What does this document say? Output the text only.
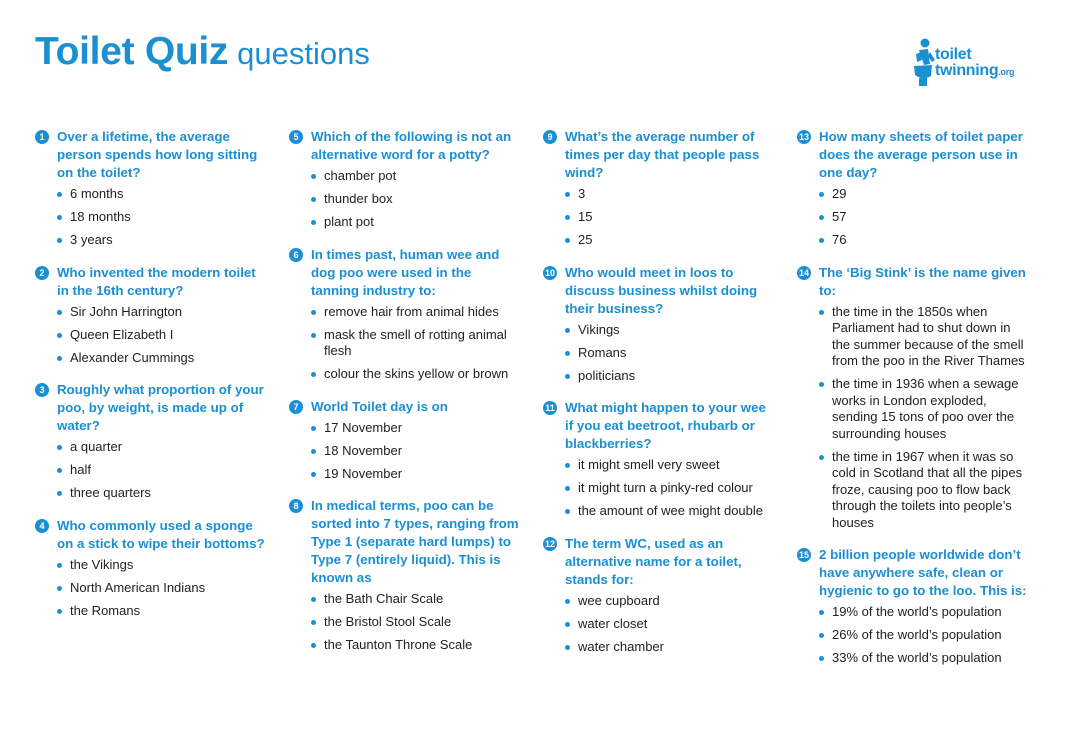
Toilet Quiz questions	toilet
twinning.org
1 Over a lifetime, the average person spends how long sitting on the toilet?

6 months
18 months
3 years
2 Who invented the modern toilet in the 16th century?

Sir John Harrington
Queen Elizabeth I
Alexander Cummings
3 Roughly what proportion of your poo, by weight, is made up of water?

a quarter
half
three quarters
4 Who commonly used a sponge on a stick to wipe their bottoms?

the Vikings
North American Indians
the Romans
5 Which of the following is not an alternative word for a potty?

chamber pot
thunder box
plant pot
6 In times past, human wee and dog poo were used in the tanning industry to:

remove hair from animal hides
mask the smell of rotting animal flesh
colour the skins yellow or brown
7 World Toilet day is on

17 November
18 November
19 November
8 In medical terms, poo can be sorted into 7 types, ranging from Type 1 (separate hard lumps) to Type 7 (entirely liquid). This is known as

the Bath Chair Scale
the Bristol Stool Scale
the Taunton Throne Scale
9 What’s the average number of times per day that people pass wind?

3
15
25
10 Who would meet in loos to discuss business whilst doing their business?

Vikings
Romans
politicians
11 What might happen to your wee if you eat beetroot, rhubarb or blackberries?

it might smell very sweet
it might turn a pinky-red colour
the amount of wee might double
12 The term WC, used as an alternative name for a toilet, stands for:

wee cupboard
water closet
water chamber
13 How many sheets of toilet paper does the average person use in one day?

29
57
76
14 The ‘Big Stink’ is the name given to:

the time in the 1850s when Parliament had to shut down in the summer because of the smell from the poo in the River Thames
the time in 1936 when a sewage works in London exploded, sending 15 tons of poo over the surrounding houses
the time in 1967 when it was so cold in Scotland that all the pipes froze, causing poo to flow back through the toilets into people’s houses
15 2 billion people worldwide don’t have anywhere safe, clean or hygienic to go to the loo. This is:

19% of the world’s population
26% of the world’s population
33% of the world’s population
